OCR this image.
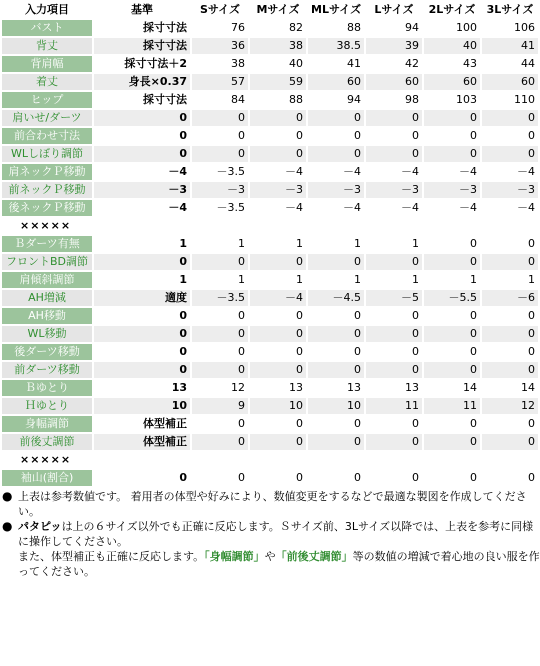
入力項目	基準	Sサイズ	Mサイズ	MLサイズ	Lサイズ	2Lサイズ	3Lサイズ
バスト	採寸寸法	76	82	88	94	100	106
背丈	採寸寸法	36	38	38.5	39	40	41
背肩幅	採寸寸法＋2	38	40	41	42	43	44
着丈	身長×0.37	57	59	60	60	60	60
ヒップ	採寸寸法	84	88	94	98	103	110
肩いせ/ダーツ	0	0	0	0	0	0	0
前合わせ寸法	0	0	0	0	0	0	0
WLしぼり調節	0	0	0	0	0	0	0
肩ネックＰ移動	－4	－3.5	－4	－4	－4	－4	－4
前ネックＰ移動	－3	－3	－3	－3	－3	－3	－3
後ネックＰ移動	－4	－3.5	－4	－4	－4	－4	－4
×××××							
Ｂダーツ有無	1	1	1	1	1	0	0
フロントBD調節	0	0	0	0	0	0	0
肩傾斜調節	1	1	1	1	1	1	1
AH増減	適度	－3.5	－4	－4.5	－5	－5.5	－6
AH移動	0	0	0	0	0	0	0
WL移動	0	0	0	0	0	0	0
後ダーツ移動	0	0	0	0	0	0	0
前ダーツ移動	0	0	0	0	0	0	0
Ｂゆとり	13	12	13	13	13	14	14
Ｈゆとり	10	9	10	10	11	11	12
身幅調節	体型補正	0	0	0	0	0	0
前後丈調節	体型補正	0	0	0	0	0	0
×××××							
袖山(割合)	0	0	0	0	0	0	0
● 上表は参考数値です。 着用者の体型や好みにより、数値変更をするなどで最適な製図を作成してください。
● パタピッは上の６サイズ以外でも正確に反応します。Ｓサイズ前、3Lサイズ以降では、上表を参考に同様に操作してください。
また、体型補正も正確に反応します。「身幅調節」や「前後丈調節」等の数値の増減で着心地の良い服を作ってください。
